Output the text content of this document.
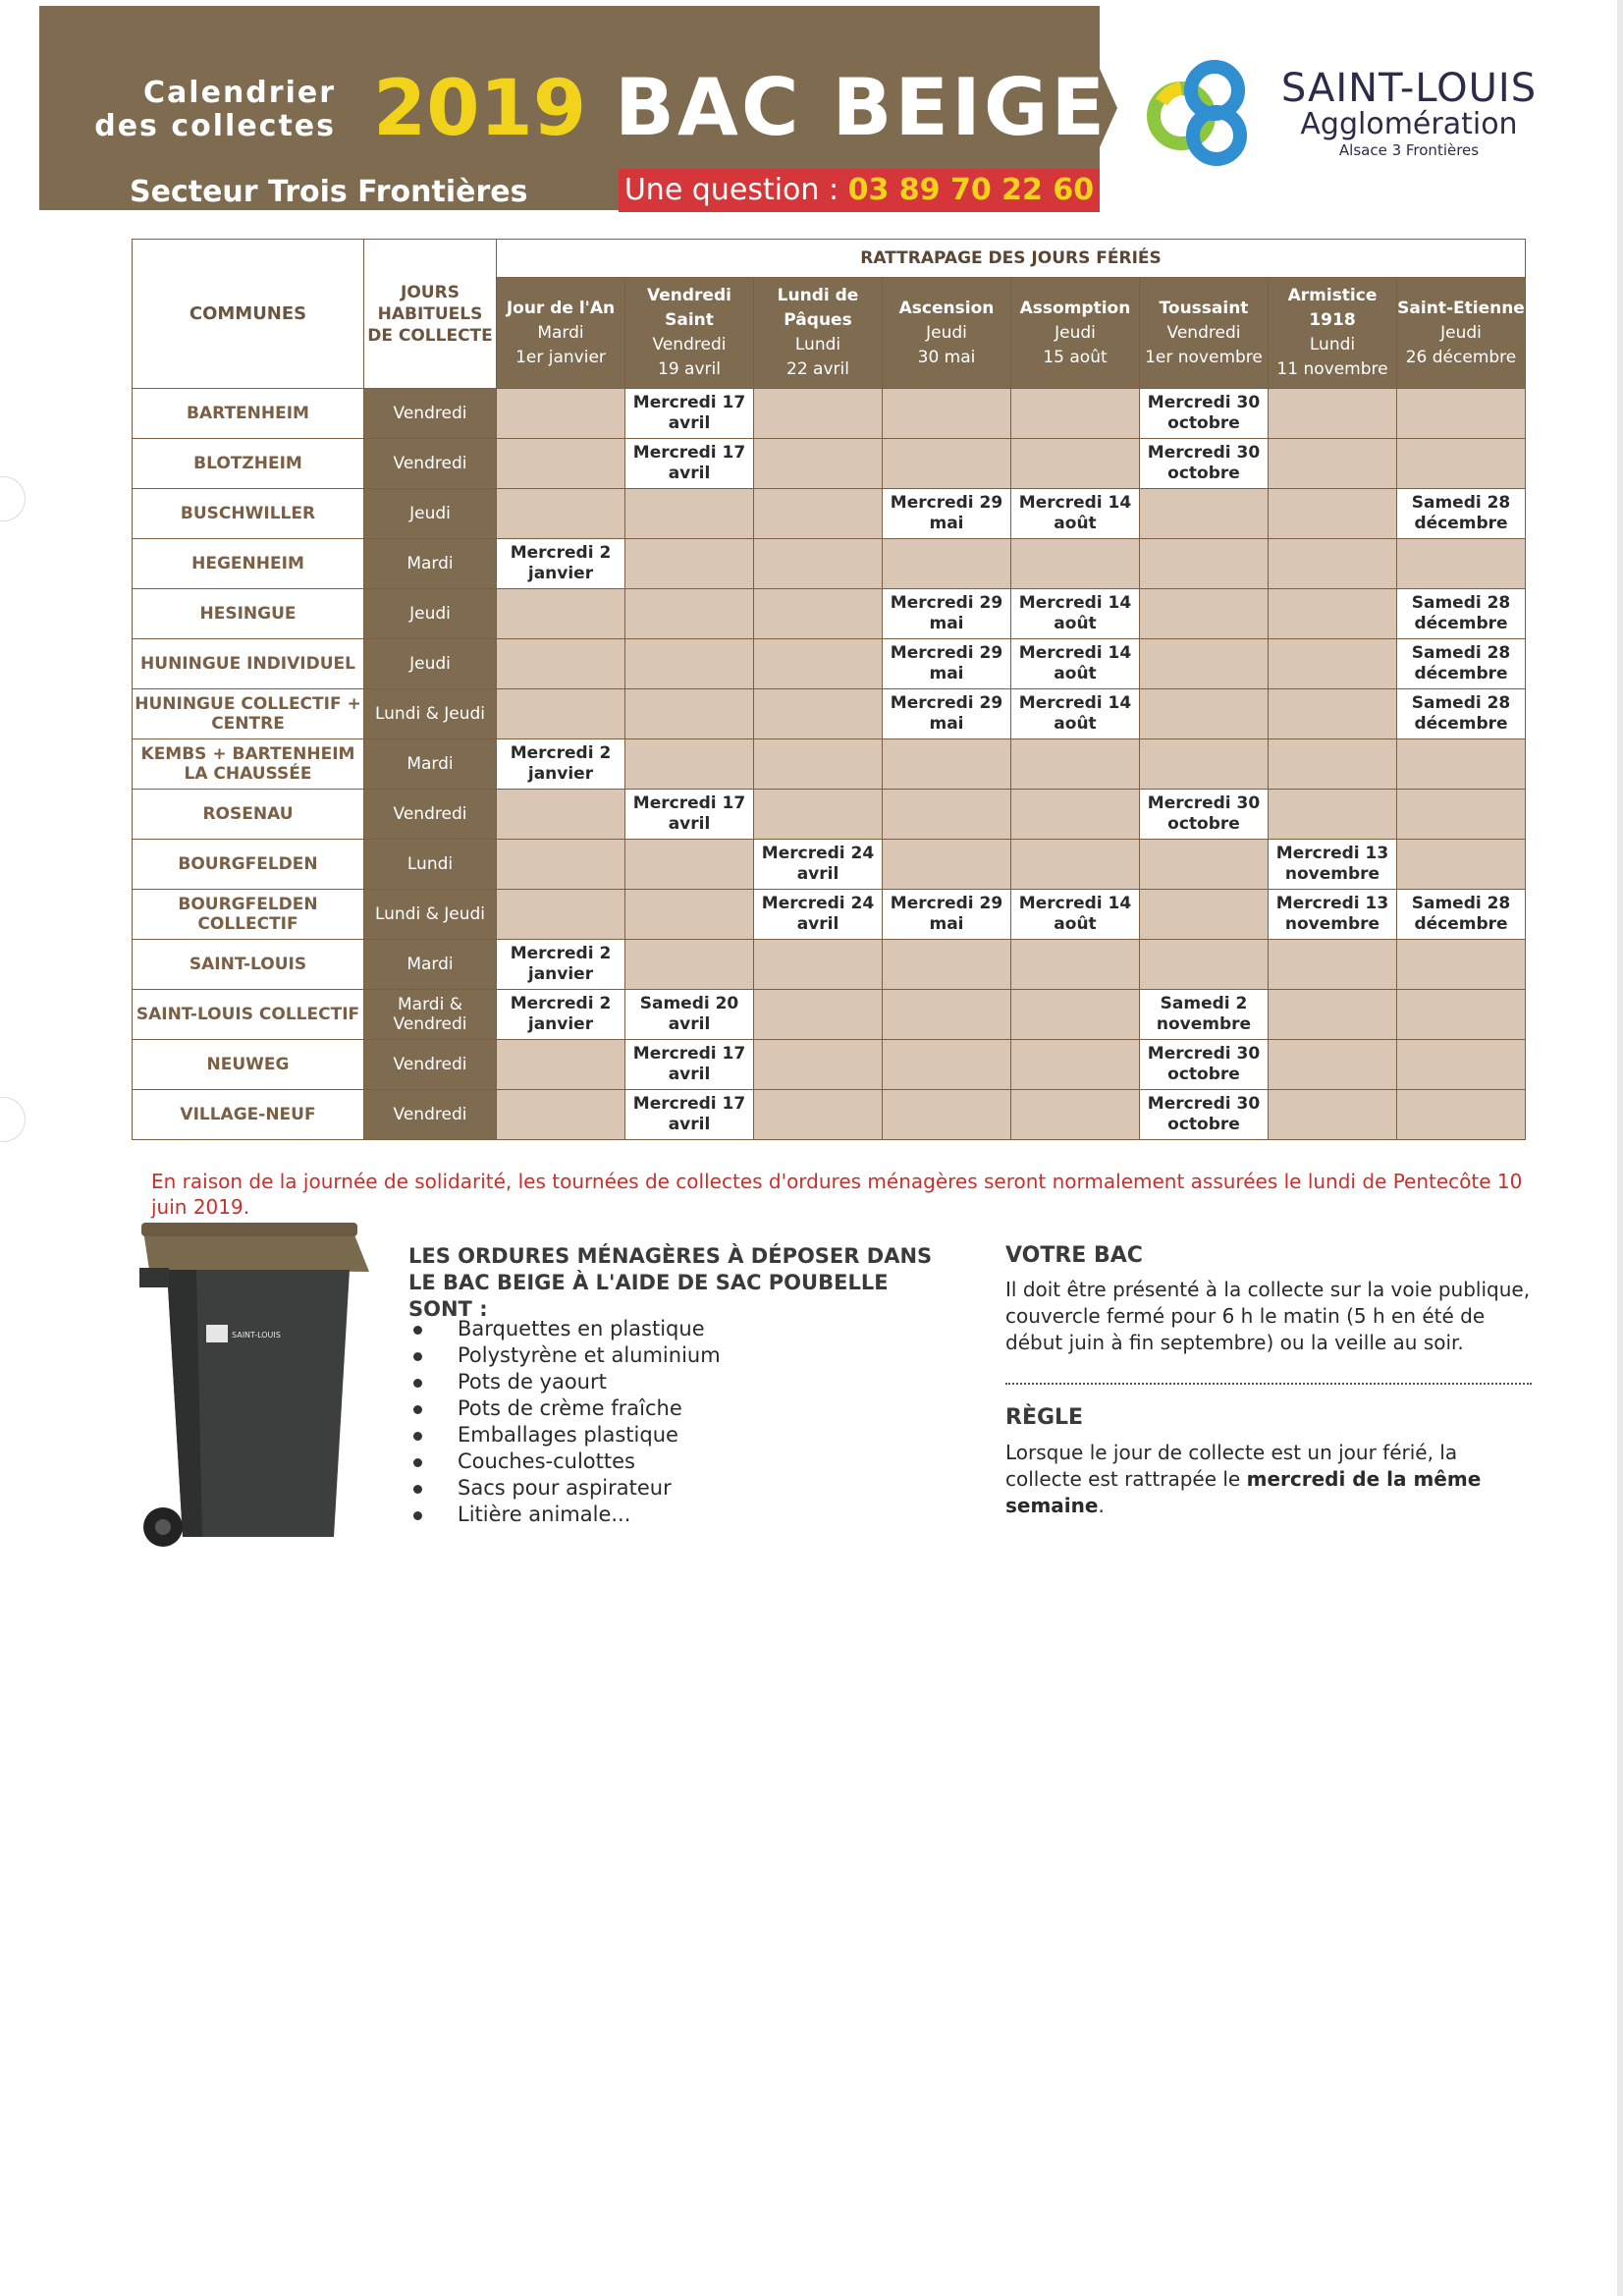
Calendrier
des collectes 2019 BAC BEIGE
Secteur Trois Frontières	Une question : 03 89 70 22 60
SAINT-LOUIS
Agglomération
Alsace 3 Frontières
COMMUNES	JOURS HABITUELS DE COLLECTE	RATTRAPAGE DES JOURS FÉRIÉS							

		Jour de l'An
Mardi
1er janvier	Vendredi Saint
Vendredi
19 avril	Lundi de Pâques
Lundi
22 avril	Ascension
Jeudi
30 mai	Assomption
Jeudi
15 août	Toussaint
Vendredi
1er novembre	Armistice 1918
Lundi
11 novembre	Saint-Etienne
Jeudi
26 décembre

BARTENHEIM	Vendredi		Mercredi 17 avril				Mercredi 30 octobre		
BLOTZHEIM	Vendredi		Mercredi 17 avril				Mercredi 30 octobre		
BUSCHWILLER	Jeudi				Mercredi 29 mai	Mercredi 14 août			Samedi 28 décembre
HEGENHEIM	Mardi	Mercredi 2 janvier							
HESINGUE	Jeudi				Mercredi 29 mai	Mercredi 14 août			Samedi 28 décembre
HUNINGUE INDIVIDUEL	Jeudi				Mercredi 29 mai	Mercredi 14 août			Samedi 28 décembre
HUNINGUE COLLECTIF + CENTRE	Lundi & Jeudi				Mercredi 29 mai	Mercredi 14 août			Samedi 28 décembre
KEMBS + BARTENHEIM LA CHAUSSÉE	Mardi	Mercredi 2 janvier							
ROSENAU	Vendredi		Mercredi 17 avril				Mercredi 30 octobre		
BOURGFELDEN	Lundi			Mercredi 24 avril				Mercredi 13 novembre	
BOURGFELDEN COLLECTIF	Lundi & Jeudi			Mercredi 24 avril	Mercredi 29 mai	Mercredi 14 août		Mercredi 13 novembre	Samedi 28 décembre
SAINT-LOUIS	Mardi	Mercredi 2 janvier							
SAINT-LOUIS COLLECTIF	Mardi & Vendredi	Mercredi 2 janvier	Samedi 20 avril				Samedi 2 novembre		
NEUWEG	Vendredi		Mercredi 17 avril				Mercredi 30 octobre		
VILLAGE-NEUF	Vendredi		Mercredi 17 avril				Mercredi 30 octobre		
En raison de la journée de solidarité, les tournées de collectes d'ordures ménagères seront normalement assurées le lundi de Pentecôte 10 juin 2019.
SAINT-LOUIS
LES ORDURES MÉNAGÈRES À DÉPOSER DANS LE BAC BEIGE À L'AIDE DE SAC POUBELLE SONT :
Barquettes en plastique
Polystyrène et aluminium
Pots de yaourt
Pots de crème fraîche
Emballages plastique
Couches-culottes
Sacs pour aspirateur
Litière animale...
VOTRE BAC
Il doit être présenté à la collecte sur la voie publique, couvercle fermé pour 6 h le matin (5 h en été de début juin à fin septembre) ou la veille au soir.
RÈGLE
Lorsque le jour de collecte est un jour férié, la collecte est rattrapée le mercredi de la même semaine.
